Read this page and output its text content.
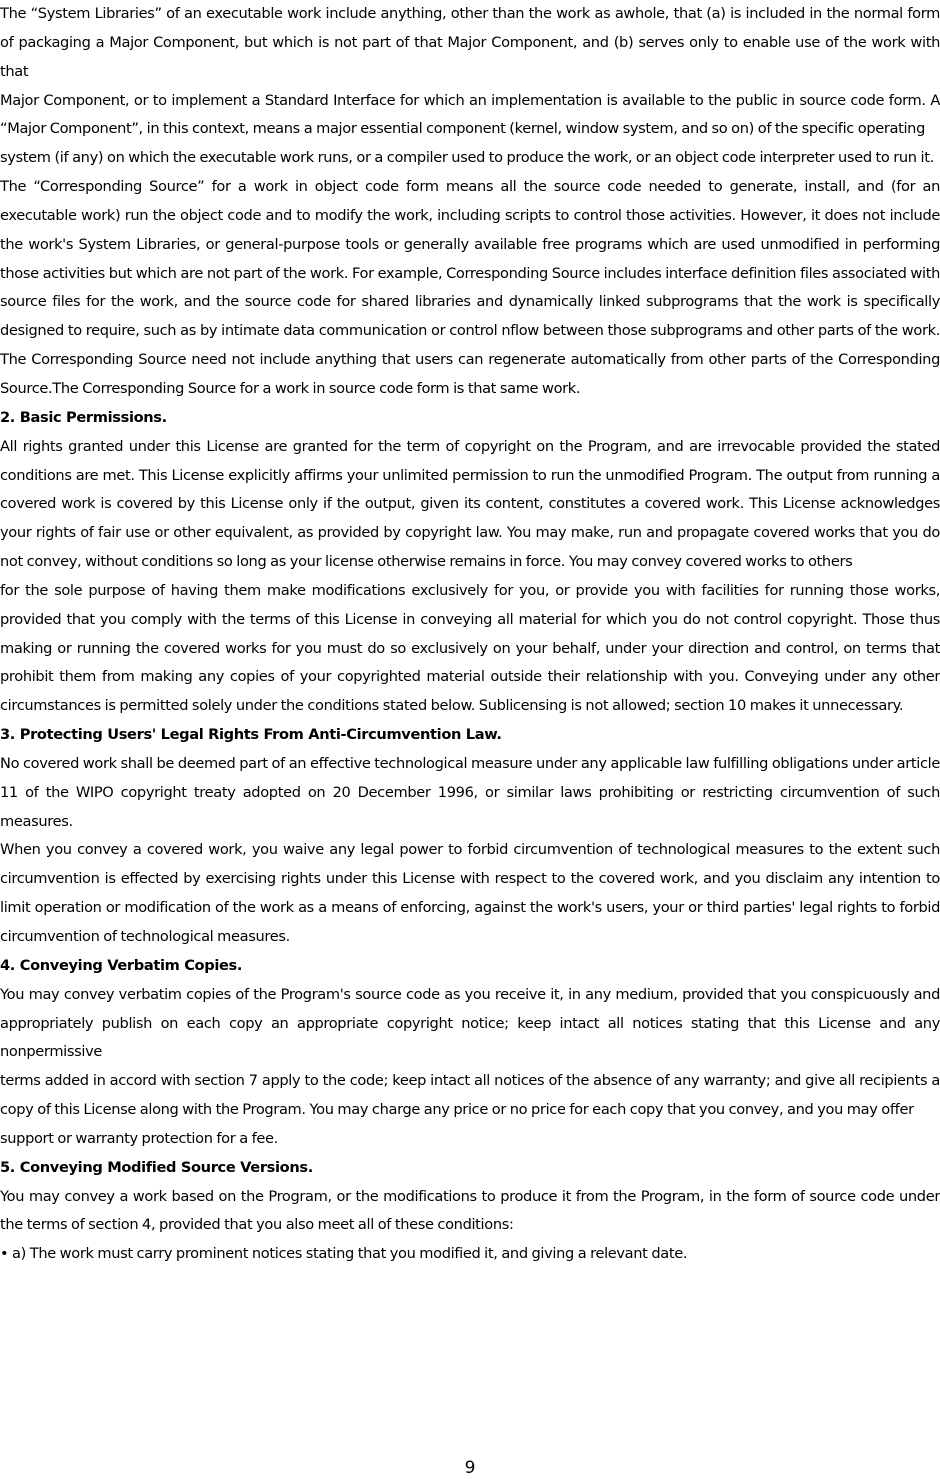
The “System Libraries” of an executable work include anything, other than the work as awhole, that (a) is included in the normal form of packaging a Major Component, but which is not part of that Major Component, and (b) serves only to enable use of the work with that

Major Component, or to implement a Standard Interface for which an implementation is available to the public in source code form. A “Major Component”, in this context, means a major essential component (kernel, window system, and so on) of the specific operating

system (if any) on which the executable work runs, or a compiler used to produce the work, or an object code interpreter used to run it.

The “Corresponding Source” for a work in object code form means all the source code needed to generate, install, and (for an executable work) run the object code and to modify the work, including scripts to control those activities. However, it does not include the work's System Libraries, or general-purpose tools or generally available free programs which are used unmodified in performing those activities but which are not part of the work. For example, Corresponding Source includes interface definition files associated with source files for the work, and the source code for shared libraries and dynamically linked subprograms that the work is specifically designed to require, such as by intimate data communication or control nflow between those subprograms and other parts of the work. The Corresponding Source need not include anything that users can regenerate automatically from other parts of the Corresponding Source.The Corresponding Source for a work in source code form is that same work.

2. Basic Permissions.

All rights granted under this License are granted for the term of copyright on the Program, and are irrevocable provided the stated conditions are met. This License explicitly affirms your unlimited permission to run the unmodified Program. The output from running a covered work is covered by this License only if the output, given its content, constitutes a covered work. This License acknowledges your rights of fair use or other equivalent, as provided by copyright law. You may make, run and propagate covered works that you do not convey, without conditions so long as your license otherwise remains in force. You may convey covered works to others

for the sole purpose of having them make modifications exclusively for you, or provide you with facilities for running those works, provided that you comply with the terms of this License in conveying all material for which you do not control copyright. Those thus making or running the covered works for you must do so exclusively on your behalf, under your direction and control, on terms that prohibit them from making any copies of your copyrighted material outside their relationship with you. Conveying under any other circumstances is permitted solely under the conditions stated below. Sublicensing is not allowed; section 10 makes it unnecessary.

3. Protecting Users' Legal Rights From Anti-Circumvention Law.

No covered work shall be deemed part of an effective technological measure under any applicable law fulfilling obligations under article 11 of the WIPO copyright treaty adopted on 20 December 1996, or similar laws prohibiting or restricting circumvention of such measures.

When you convey a covered work, you waive any legal power to forbid circumvention of technological measures to the extent such circumvention is effected by exercising rights under this License with respect to the covered work, and you disclaim any intention to limit operation or modification of the work as a means of enforcing, against the work's users, your or third parties' legal rights to forbid circumvention of technological measures.

4. Conveying Verbatim Copies.

You may convey verbatim copies of the Program's source code as you receive it, in any medium, provided that you conspicuously and appropriately publish on each copy an appropriate copyright notice; keep intact all notices stating that this License and any nonpermissive

terms added in accord with section 7 apply to the code; keep intact all notices of the absence of any warranty; and give all recipients a copy of this License along with the Program. You may charge any price or no price for each copy that you convey, and you may offer

support or warranty protection for a fee.

5. Conveying Modified Source Versions.

You may convey a work based on the Program, or the modifications to produce it from the Program, in the form of source code under the terms of section 4, provided that you also meet all of these conditions:

• a) The work must carry prominent notices stating that you modified it, and giving a relevant date.

9
